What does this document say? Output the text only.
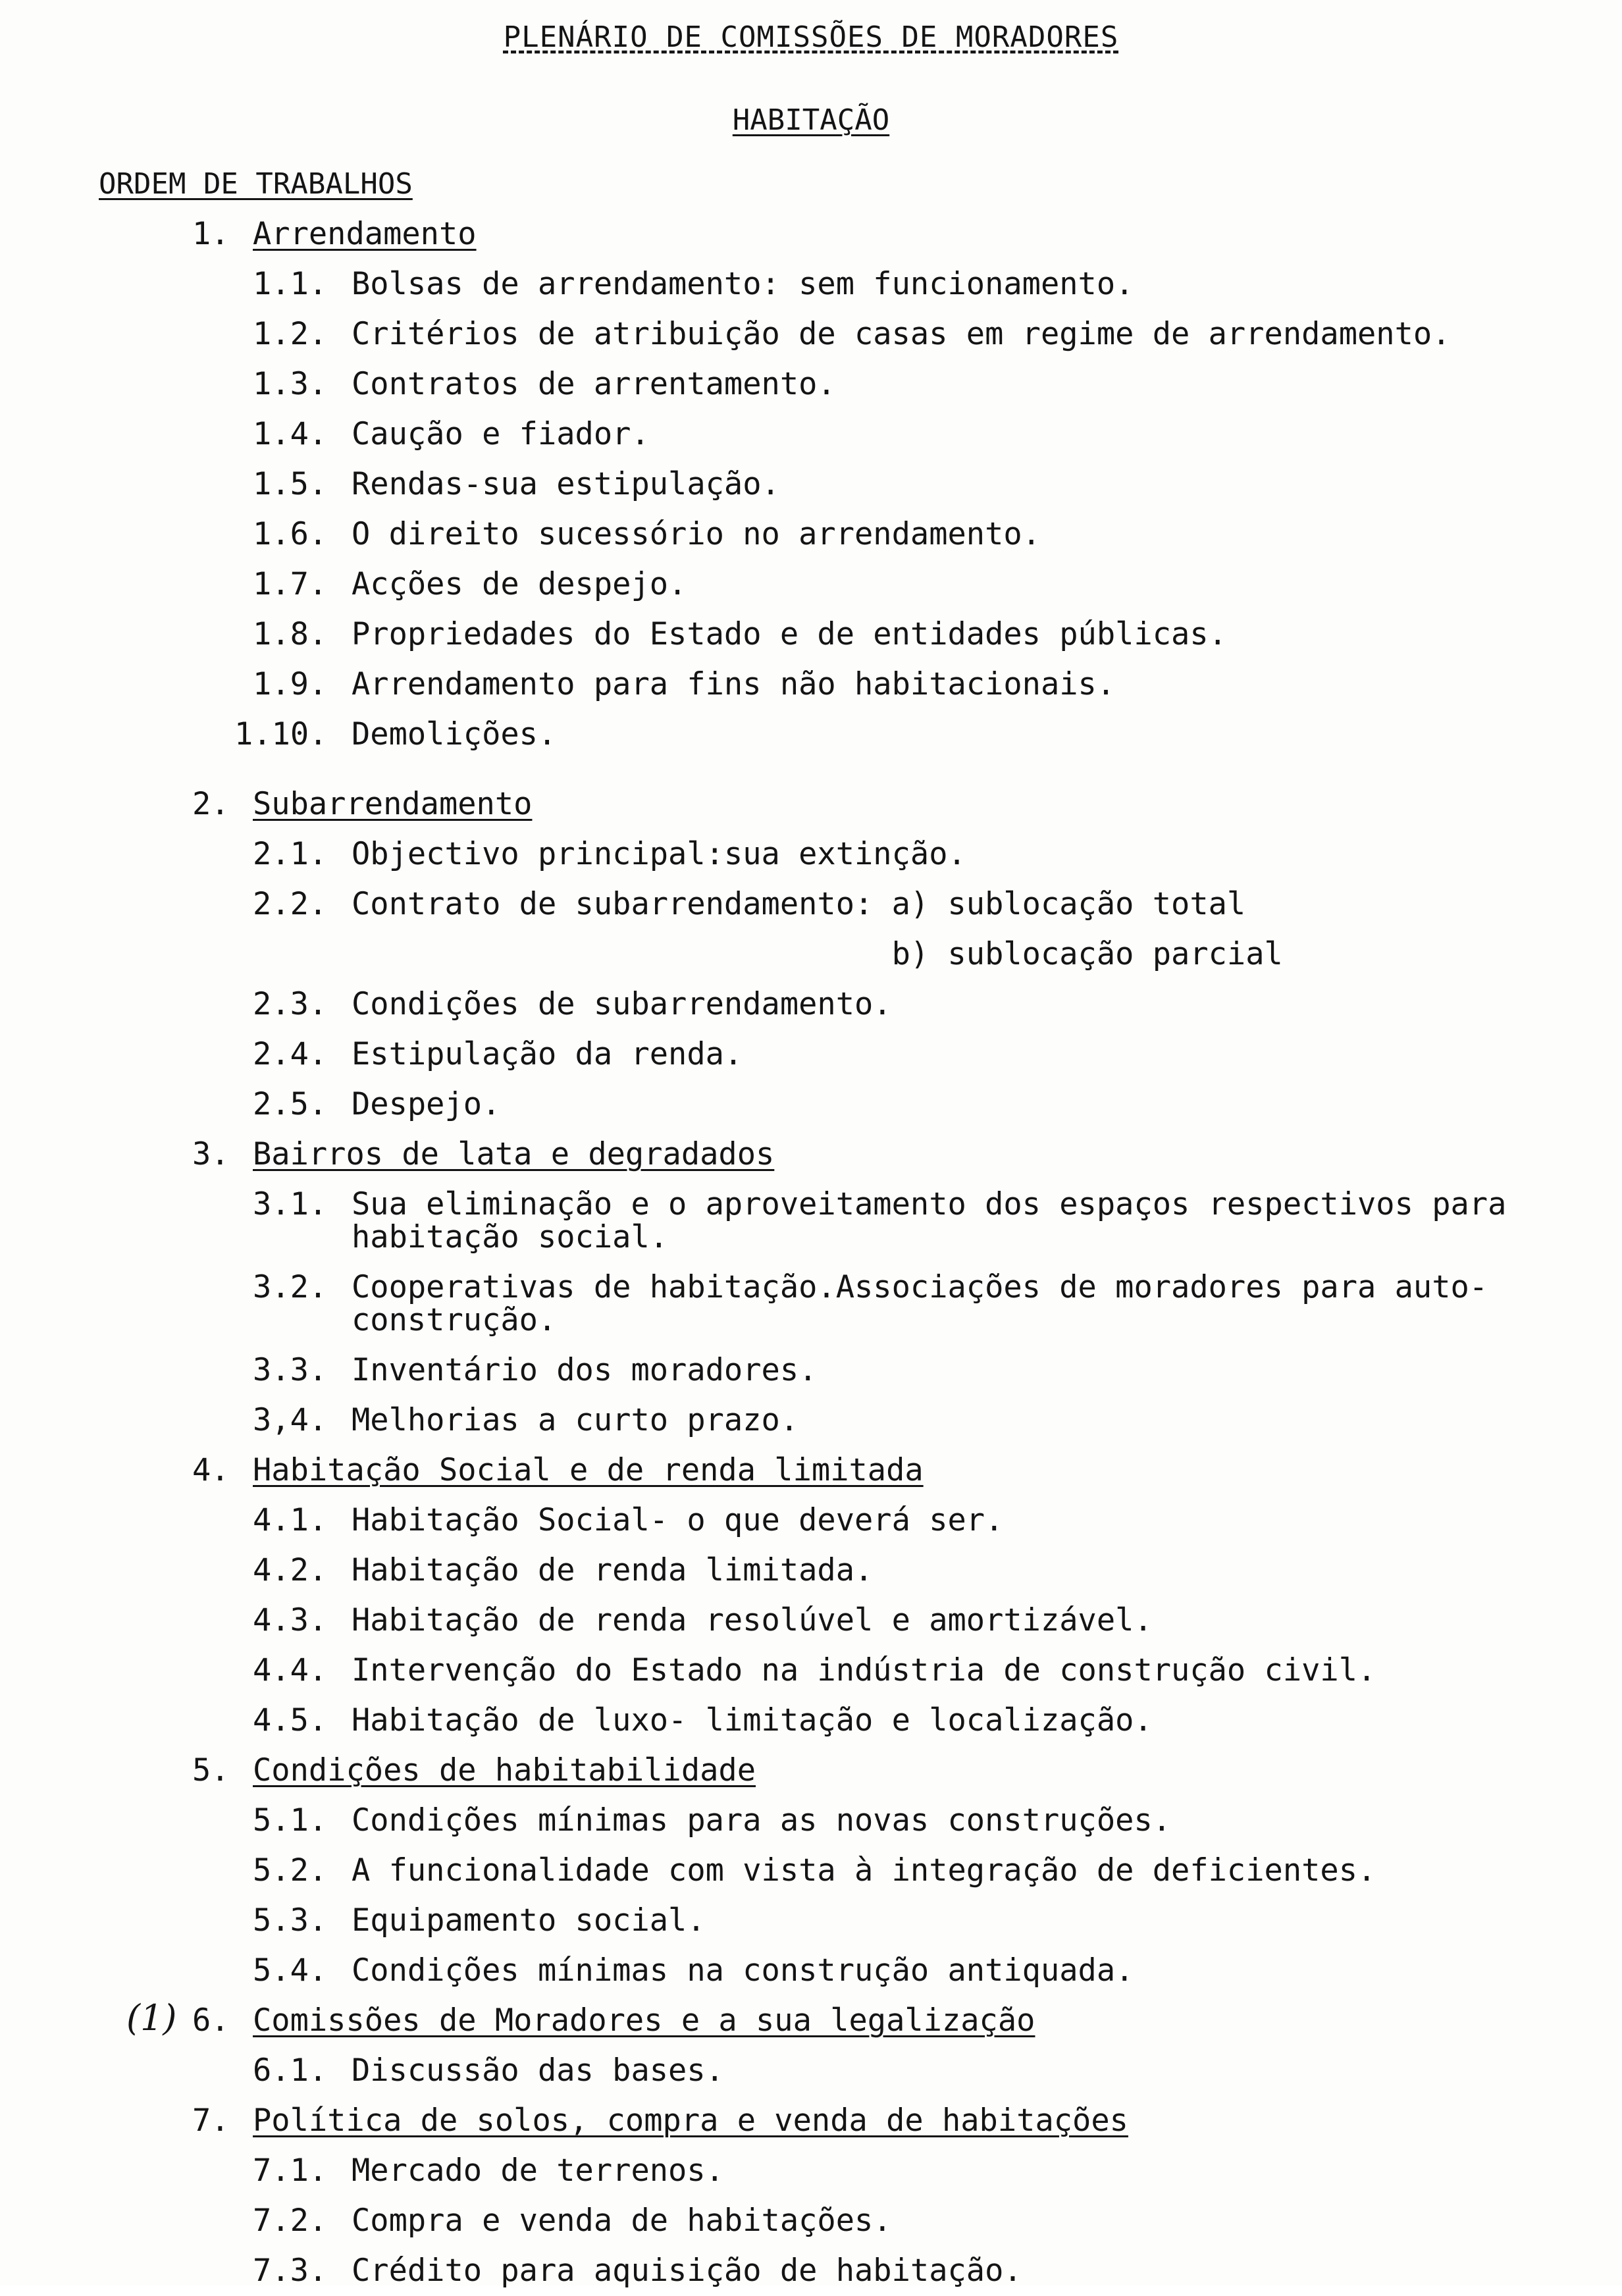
PLENÁRIO DE COMISSÕES DE MORADORES
HABITAÇÃO
ORDEM DE TRABALHOS
1. Arrendamento
1.1. Bolsas de arrendamento: sem funcionamento.
1.2. Critérios de atribuição de casas em regime de arrendamento.
1.3. Contratos de arrentamento.
1.4. Caução e fiador.
1.5. Rendas-sua estipulação.
1.6. O direito sucessório no arrendamento.
1.7. Acções de despejo.
1.8. Propriedades do Estado e de entidades públicas.
1.9. Arrendamento para fins não habitacionais.
1.10. Demolições.
2. Subarrendamento
2.1. Objectivo principal:sua extinção.
2.2. Contrato de subarrendamento: a) sublocação total
b) sublocação parcial
2.3. Condições de subarrendamento.
2.4. Estipulação da renda.
2.5. Despejo.
3. Bairros de lata e degradados
3.1. Sua eliminação e o aproveitamento dos espaços respectivos para habitação social.
3.2. Cooperativas de habitação.Associações de moradores para auto-construção.
3.3. Inventário dos moradores.
3,4. Melhorias a curto prazo.
4. Habitação Social e de renda limitada
4.1. Habitação Social- o que deverá ser.
4.2. Habitação de renda limitada.
4.3. Habitação de renda resolúvel e amortizável.
4.4. Intervenção do Estado na indústria de construção civil.
4.5. Habitação de luxo- limitação e localização.
5. Condições de habitabilidade
5.1. Condições mínimas para as novas construções.
5.2. A funcionalidade com vista à integração de deficientes.
5.3. Equipamento social.
5.4. Condições mínimas na construção antiquada.
(1) 6. Comissões de Moradores e a sua legalização
6.1. Discussão das bases.
7. Política de solos, compra e venda de habitações
7.1. Mercado de terrenos.
7.2. Compra e venda de habitações.
7.3. Crédito para aquisição de habitação.
